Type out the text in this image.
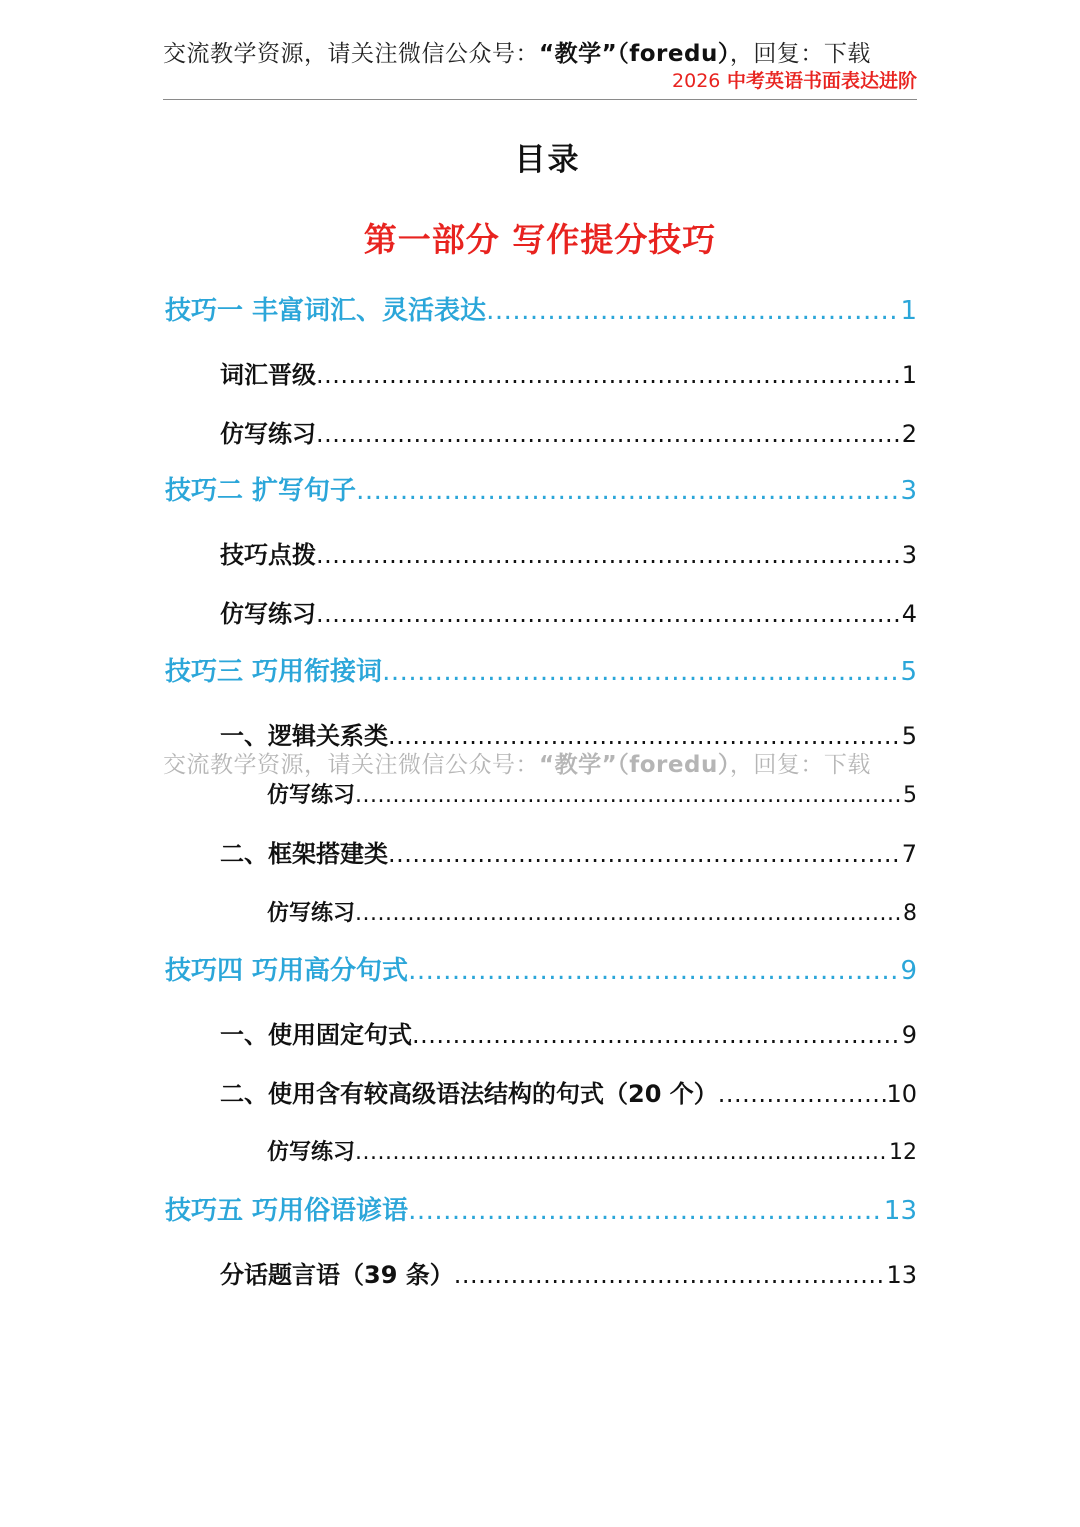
交流教学资源，请关注微信公众号：“教学”（foredu），回复：下载
2026 中考英语书面表达进阶
目录
第一部分 写作提分技巧
技巧一 丰富词汇、灵活表达 .....	1
词汇晋级 .....	1
仿写练习 .....	2
技巧二 扩写句子 .....	3
技巧点拨 .....	3
仿写练习 .....	4
技巧三 巧用衔接词 .....	5
一、逻辑关系类 .....	5
仿写练习 .....	5
二、框架搭建类 .....	7
仿写练习 .....	8
技巧四 巧用高分句式 .....	9
一、使用固定句式 .....	9
二、使用含有较高级语法结构的句式（20 个） .....	10
仿写练习 .....	12
技巧五 巧用俗语谚语 .....	13
分话题言语（39 条） .....	13
交流教学资源，请关注微信公众号：“教学”（foredu），回复：下载
